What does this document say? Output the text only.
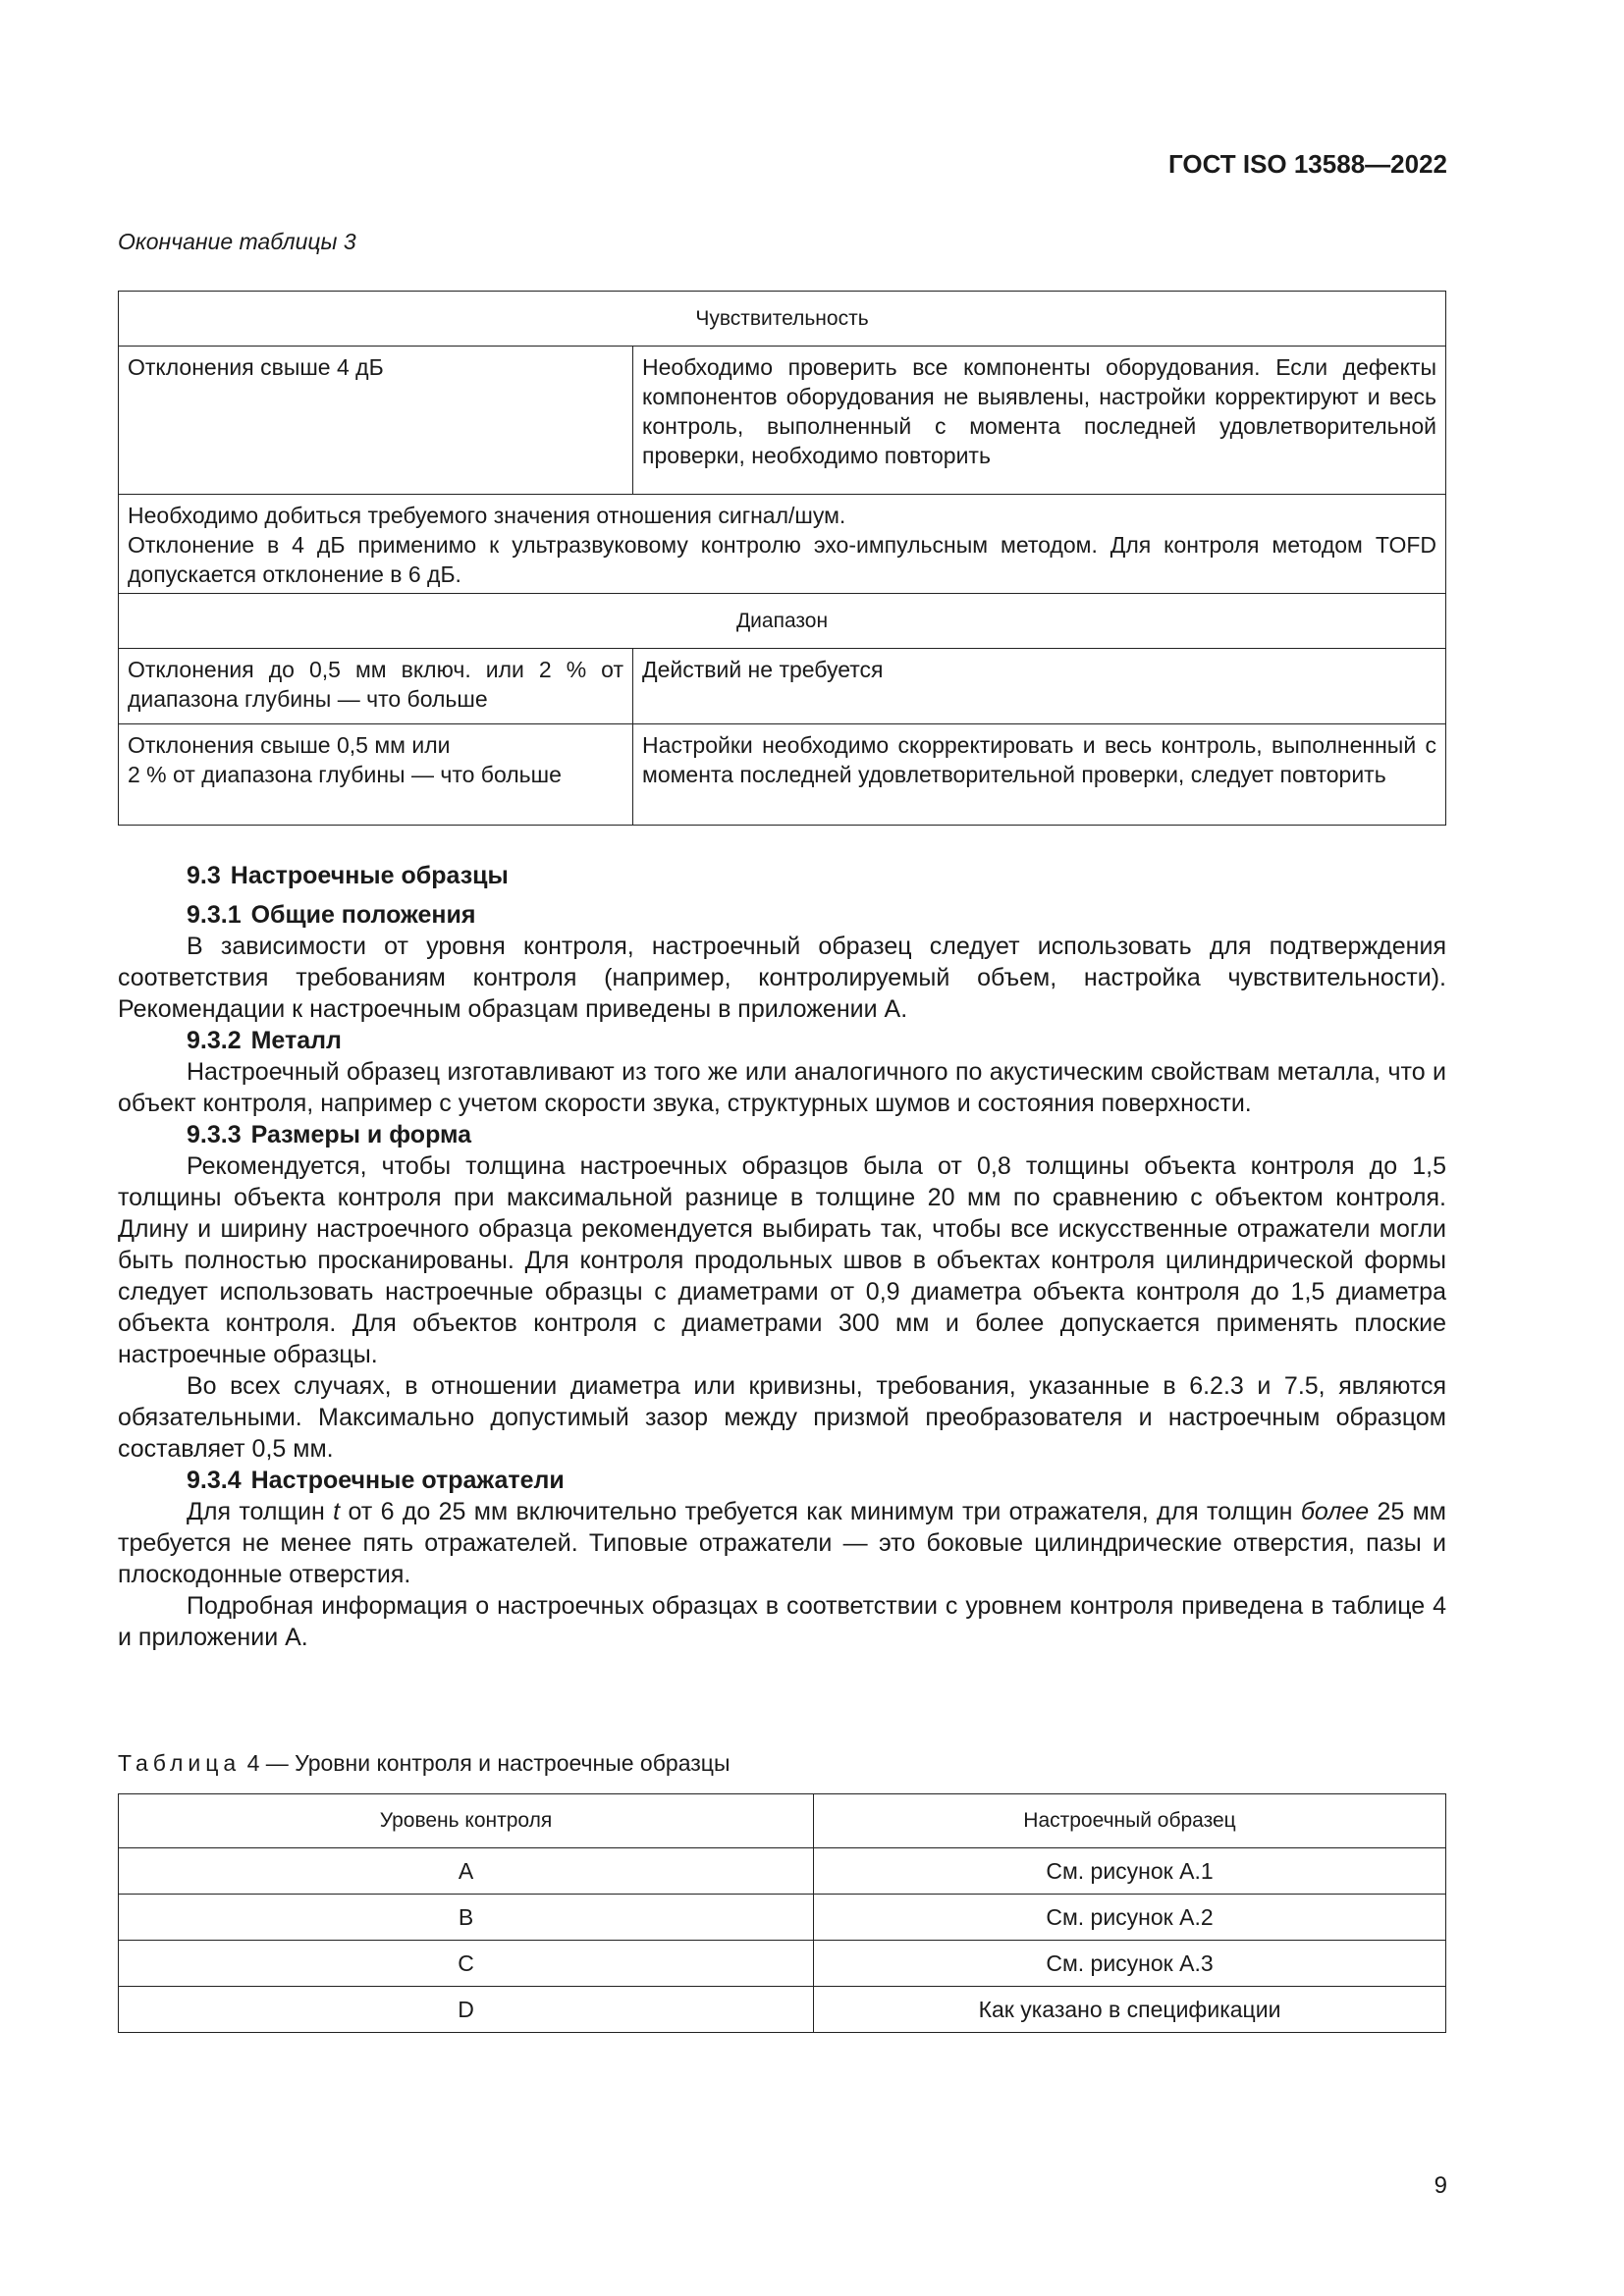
ГОСТ ISO 13588—2022
Окончание таблицы 3
Чувствительность	
Отклонения свыше 4 дБ	Необходимо проверить все компоненты оборудования. Если дефекты компонентов оборудования не выявлены, настройки корректируют и весь контроль, выполненный с момента последней удовлетворительной проверки, необходимо повторить

Необходимо добиться требуемого значения отношения сигнал/шум.
Отклонение в 4 дБ применимо к ультразвуковому контролю эхо-импульсным методом. Для контроля методом TOFD допускается отклонение в 6 дБ.	

Диапазон	
Отклонения до 0,5 мм включ. или 2 % от диапазона глубины — что больше	Действий не требуется

Отклонения свыше 0,5 мм или
2 % от диапазона глубины — что больше	Настройки необходимо скорректировать и весь контроль, выполненный с момента последней удовлетворительной проверки, следует повторить
9.3 Настроечные образцы
9.3.1 Общие положения

В зависимости от уровня контроля, настроечный образец следует использовать для подтверждения соответствия требованиям контроля (например, контролируемый объем, настройка чувствительности). Рекомендации к настроечным образцам приведены в приложении А.

9.3.2 Металл

Настроечный образец изготавливают из того же или аналогичного по акустическим свойствам металла, что и объект контроля, например с учетом скорости звука, структурных шумов и состояния поверхности.

9.3.3 Размеры и форма

Рекомендуется, чтобы толщина настроечных образцов была от 0,8 толщины объекта контроля до 1,5 толщины объекта контроля при максимальной разнице в толщине 20 мм по сравнению с объектом контроля. Длину и ширину настроечного образца рекомендуется выбирать так, чтобы все искусственные отражатели могли быть полностью просканированы. Для контроля продольных швов в объектах контроля цилиндрической формы следует использовать настроечные образцы с диаметрами от 0,9 диаметра объекта контроля до 1,5 диаметра объекта контроля. Для объектов контроля с диаметрами 300 мм и более допускается применять плоские настроечные образцы.

Во всех случаях, в отношении диаметра или кривизны, требования, указанные в 6.2.3 и 7.5, являются обязательными. Максимально допустимый зазор между призмой преобразователя и настроечным образцом составляет 0,5 мм.

9.3.4 Настроечные отражатели

Для толщин t от 6 до 25 мм включительно требуется как минимум три отражателя, для толщин более 25 мм требуется не менее пять отражателей. Типовые отражатели — это боковые цилиндрические отверстия, пазы и плоскодонные отверстия.

Подробная информация о настроечных образцах в соответствии с уровнем контроля приведена в таблице 4 и приложении А.

Таблица 4 — Уровни контроля и настроечные образцы
Уровень контроля	Настроечный образец
А	См. рисунок А.1
В	См. рисунок А.2
С	См. рисунок А.3
D	Как указано в спецификации
9
